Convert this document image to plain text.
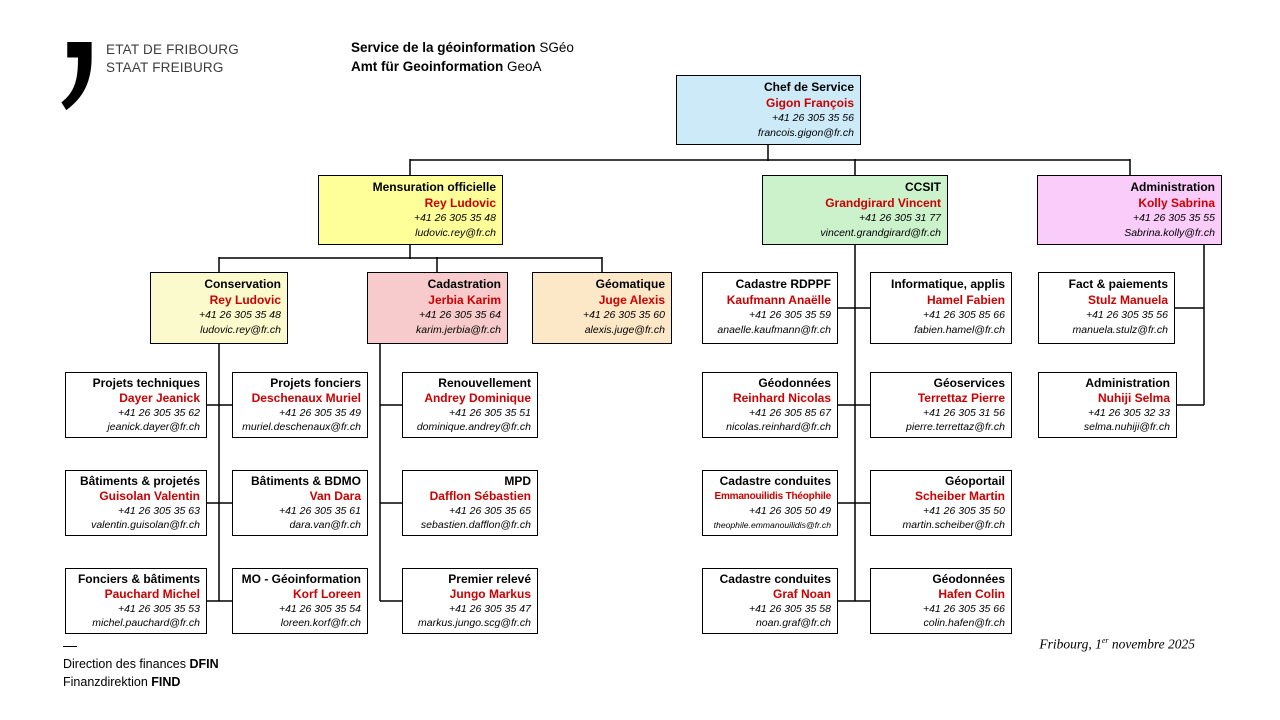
ETAT DE FRIBOURG
STAAT FREIBURG
Service de la géoinformation SGéo
Amt für Geoinformation GeoA
Chef de Service
Gigon François
+41 26 305 35 56
francois.gigon@fr.ch
Mensuration officielle
Rey Ludovic
+41 26 305 35 48
ludovic.rey@fr.ch
CCSIT
Grandgirard Vincent
+41 26 305 31 77
vincent.grandgirard@fr.ch
Administration
Kolly Sabrina
+41 26 305 35 55
Sabrina.kolly@fr.ch
Conservation
Rey Ludovic
+41 26 305 35 48
ludovic.rey@fr.ch
Cadastration
Jerbia Karim
+41 26 305 35 64
karim.jerbia@fr.ch
Géomatique
Juge Alexis
+41 26 305 35 60
alexis.juge@fr.ch
Cadastre RDPPF
Kaufmann Anaëlle
+41 26 305 35 59
anaelle.kaufmann@fr.ch
Informatique, applis
Hamel Fabien
+41 26 305 85 66
fabien.hamel@fr.ch
Fact & paiements
Stulz Manuela
+41 26 305 35 56
manuela.stulz@fr.ch
Projets techniques
Dayer Jeanick
+41 26 305 35 62
jeanick.dayer@fr.ch
Projets fonciers
Deschenaux Muriel
+41 26 305 35 49
muriel.deschenaux@fr.ch
Renouvellement
Andrey Dominique
+41 26 305 35 51
dominique.andrey@fr.ch
Géodonnées
Reinhard Nicolas
+41 26 305 85 67
nicolas.reinhard@fr.ch
Géoservices
Terrettaz Pierre
+41 26 305 31 56
pierre.terrettaz@fr.ch
Administration
Nuhiji Selma
+41 26 305 32 33
selma.nuhiji@fr.ch
Bâtiments & projetés
Guisolan Valentin
+41 26 305 35 63
valentin.guisolan@fr.ch
Bâtiments & BDMO
Van Dara
+41 26 305 35 61
dara.van@fr.ch
MPD
Dafflon Sébastien
+41 26 305 35 65
sebastien.dafflon@fr.ch
Cadastre conduites
Emmanouilidis Théophile
+41 26 305 50 49
theophile.emmanouilidis@fr.ch
Géoportail
Scheiber Martin
+41 26 305 35 50
martin.scheiber@fr.ch
Fonciers & bâtiments
Pauchard Michel
+41 26 305 35 53
michel.pauchard@fr.ch
MO - Géoinformation
Korf Loreen
+41 26 305 35 54
loreen.korf@fr.ch
Premier relevé
Jungo Markus
+41 26 305 35 47
markus.jungo.scg@fr.ch
Cadastre conduites
Graf Noan
+41 26 305 35 58
noan.graf@fr.ch
Géodonnées
Hafen Colin
+41 26 305 35 66
colin.hafen@fr.ch
Direction des finances DFIN
Finanzdirektion FIND
Fribourg, 1er novembre 2025
